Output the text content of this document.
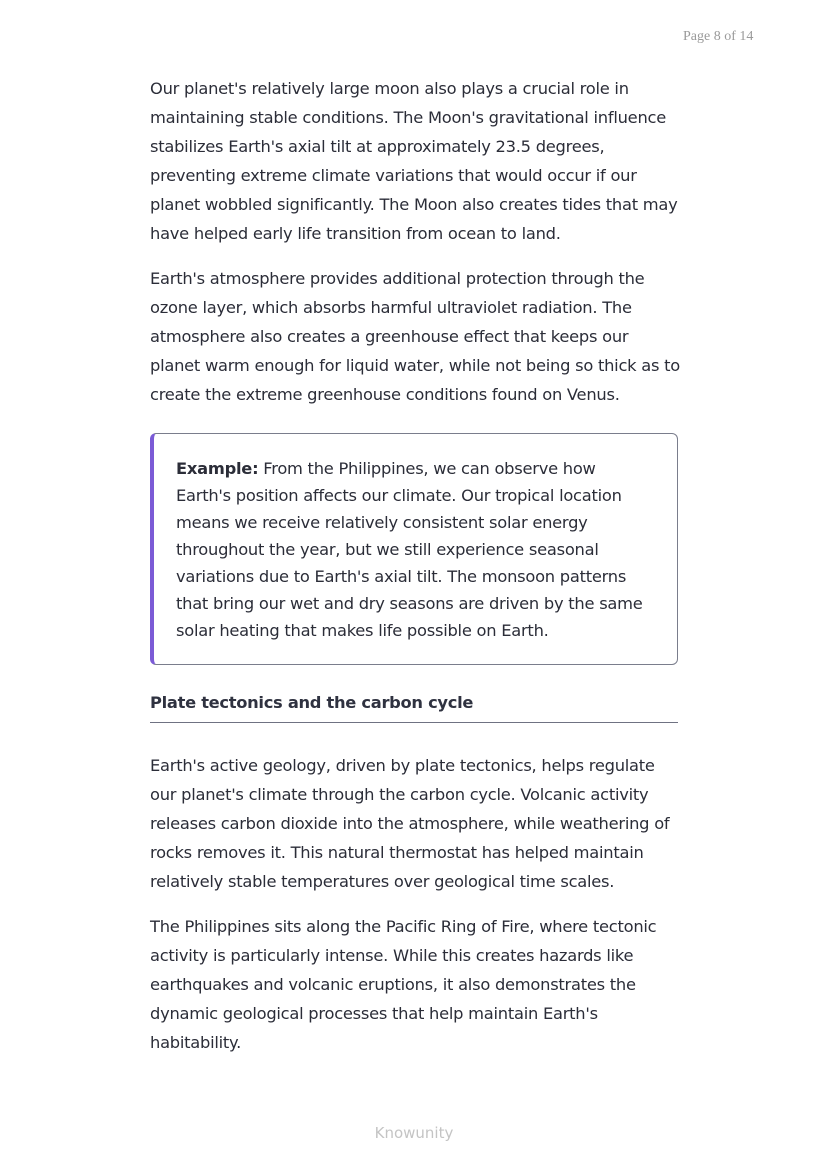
Page 8 of 14

Our planet's relatively large moon also plays a crucial role in maintaining stable conditions. The Moon's gravitational influence stabilizes Earth's axial tilt at approximately 23.5 degrees, preventing extreme climate variations that would occur if our planet wobbled significantly. The Moon also creates tides that may have helped early life transition from ocean to land.

Earth's atmosphere provides additional protection through the ozone layer, which absorbs harmful ultraviolet radiation. The atmosphere also creates a greenhouse effect that keeps our planet warm enough for liquid water, while not being so thick as to create the extreme greenhouse conditions found on Venus.

Example: From the Philippines, we can observe how Earth's position affects our climate. Our tropical location means we receive relatively consistent solar energy throughout the year, but we still experience seasonal variations due to Earth's axial tilt. The monsoon patterns that bring our wet and dry seasons are driven by the same solar heating that makes life possible on Earth.

Plate tectonics and the carbon cycle

Earth's active geology, driven by plate tectonics, helps regulate our planet's climate through the carbon cycle. Volcanic activity releases carbon dioxide into the atmosphere, while weathering of rocks removes it. This natural thermostat has helped maintain relatively stable temperatures over geological time scales.

The Philippines sits along the Pacific Ring of Fire, where tectonic activity is particularly intense. While this creates hazards like earthquakes and volcanic eruptions, it also demonstrates the dynamic geological processes that help maintain Earth's habitability.

Knowunity
